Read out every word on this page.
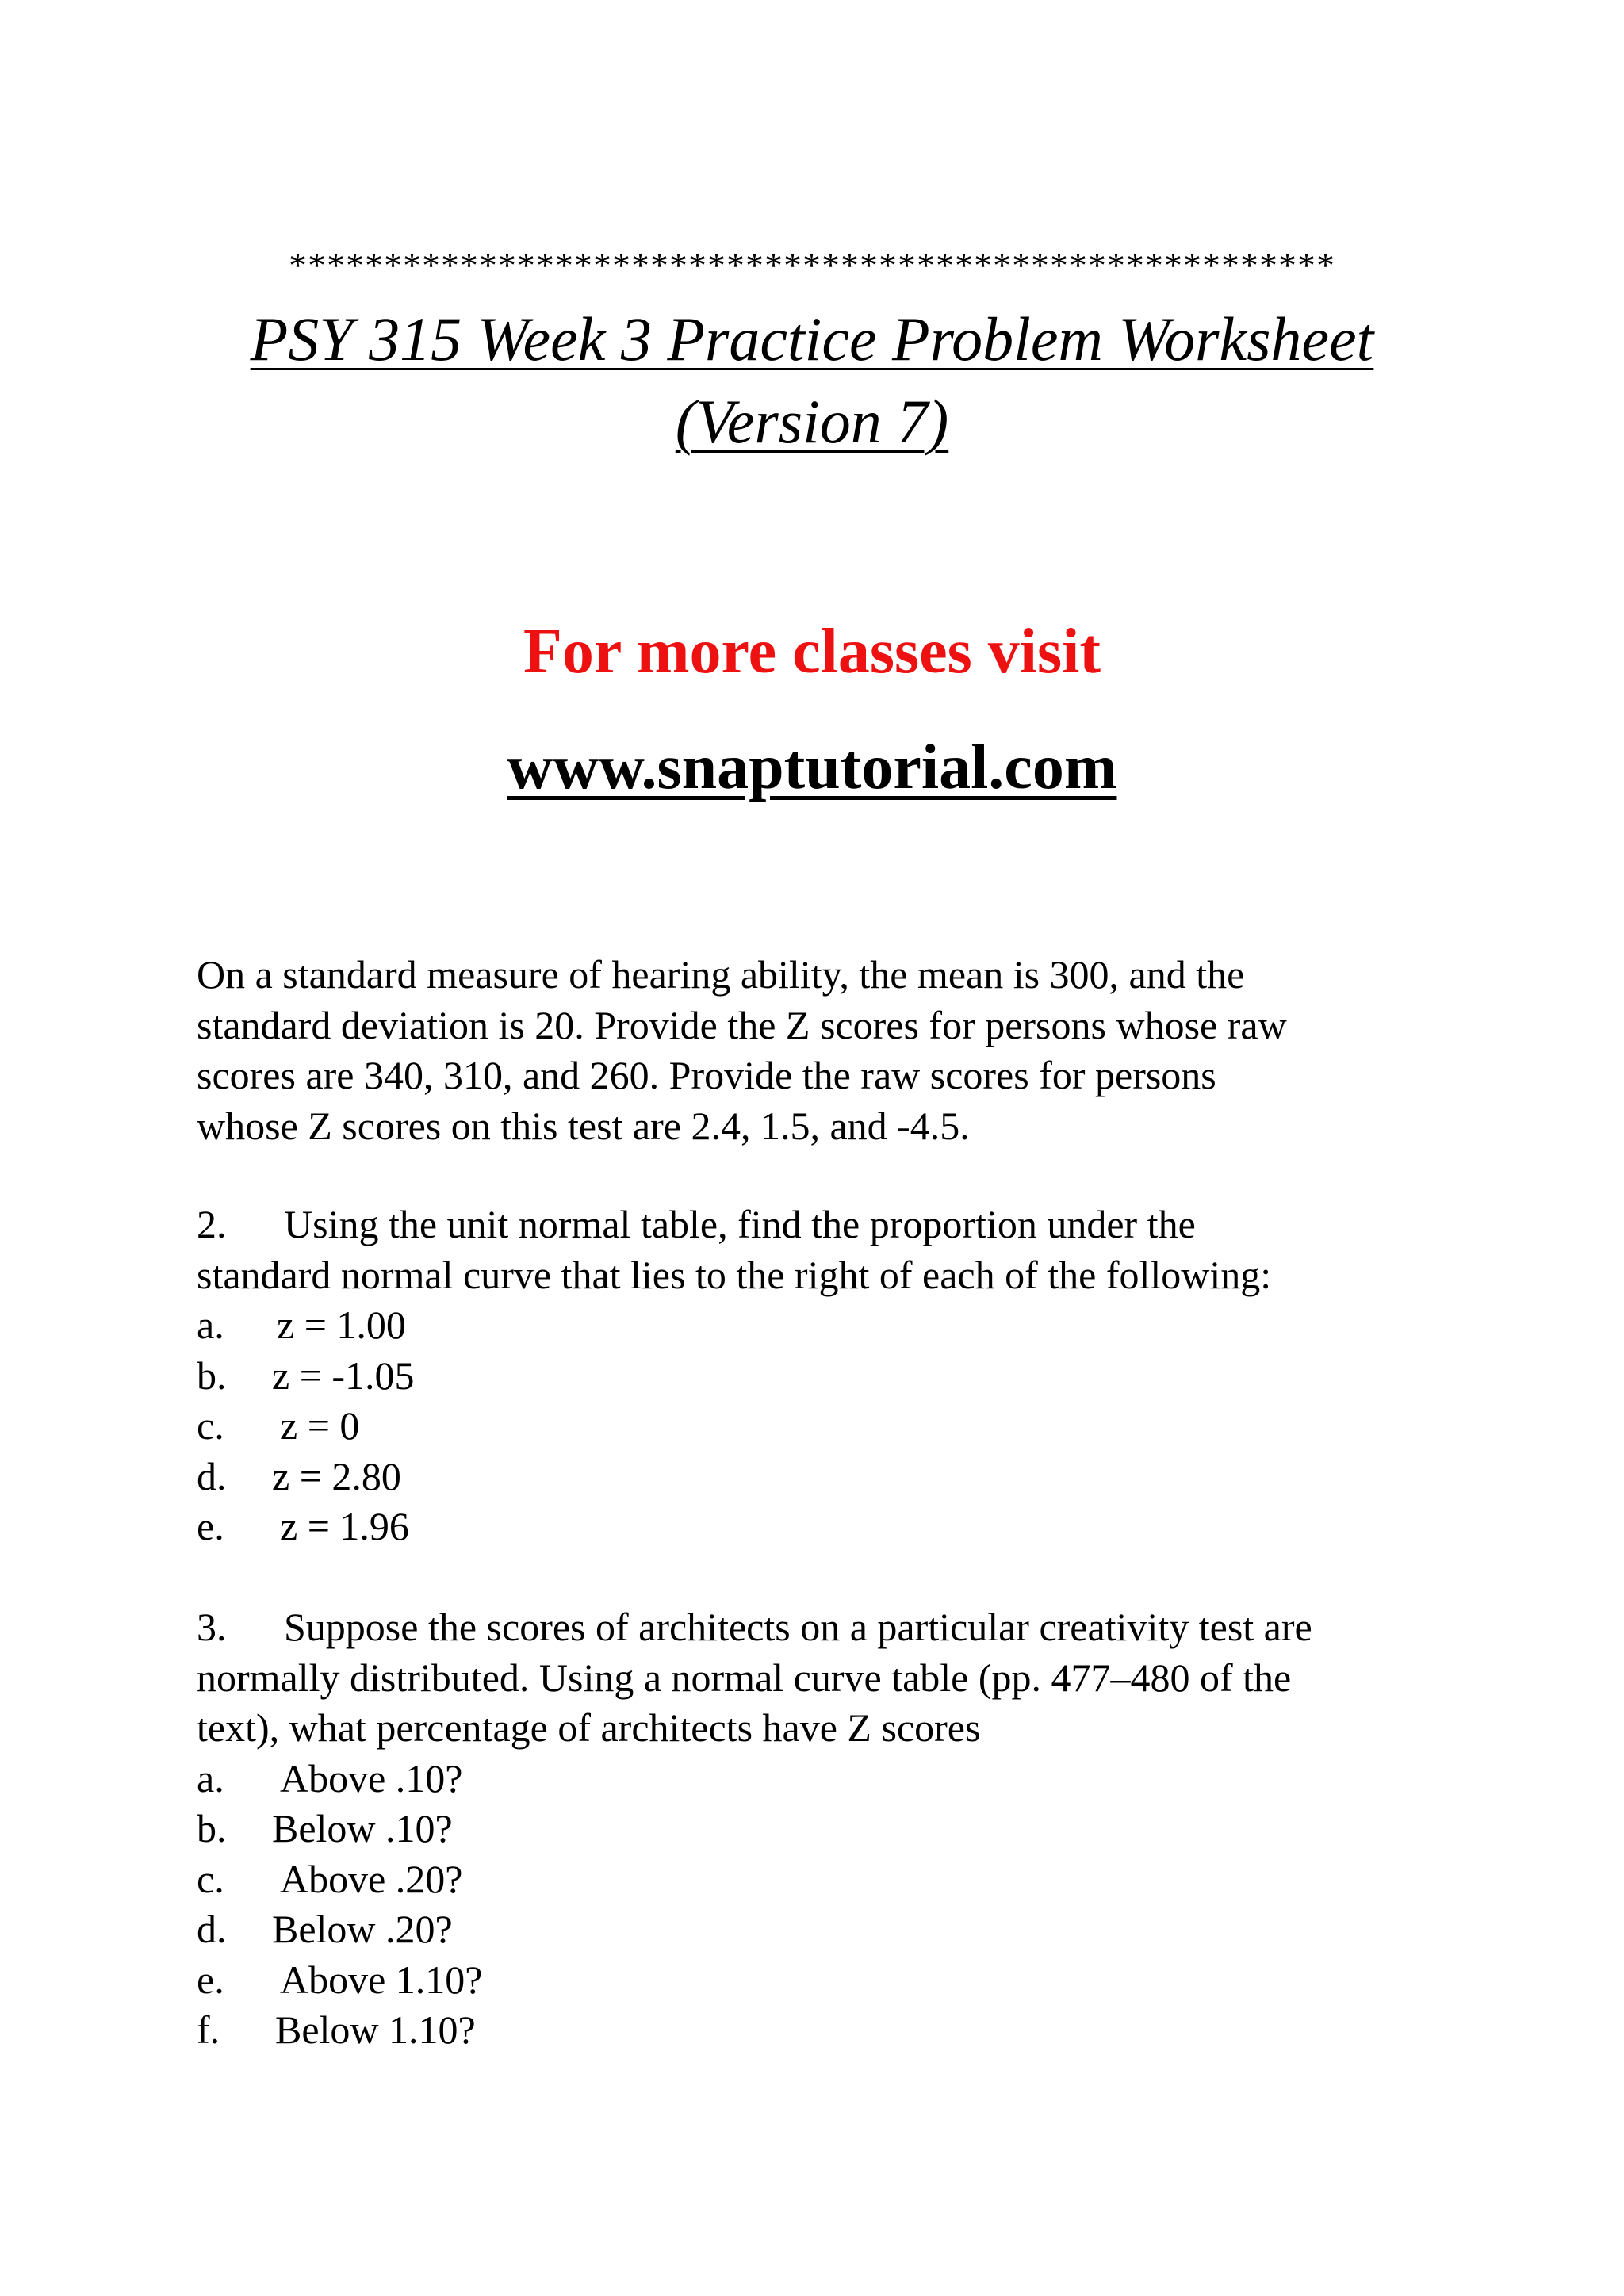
*******************************************************
PSY 315 Week 3 Practice Problem Worksheet
(Version 7)
For more classes visit
www.snaptutorial.com
On a standard measure of hearing ability, the mean is 300, and the
standard deviation is 20. Provide the Z scores for persons whose raw
scores are 340, 310, and 260. Provide the raw scores for persons
whose Z scores on this test are 2.4, 1.5, and -4.5.
2. Using the unit normal table, find the proportion under the
standard normal curve that lies to the right of each of the following:
a. z = 1.00
b. z = -1.05
c. z = 0
d. z = 2.80
e. z = 1.96
3. Suppose the scores of architects on a particular creativity test are
normally distributed. Using a normal curve table (pp. 477–480 of the
text), what percentage of architects have Z scores
a. Above .10?
b. Below .10?
c. Above .20?
d. Below .20?
e. Above 1.10?
f. Below 1.10?
